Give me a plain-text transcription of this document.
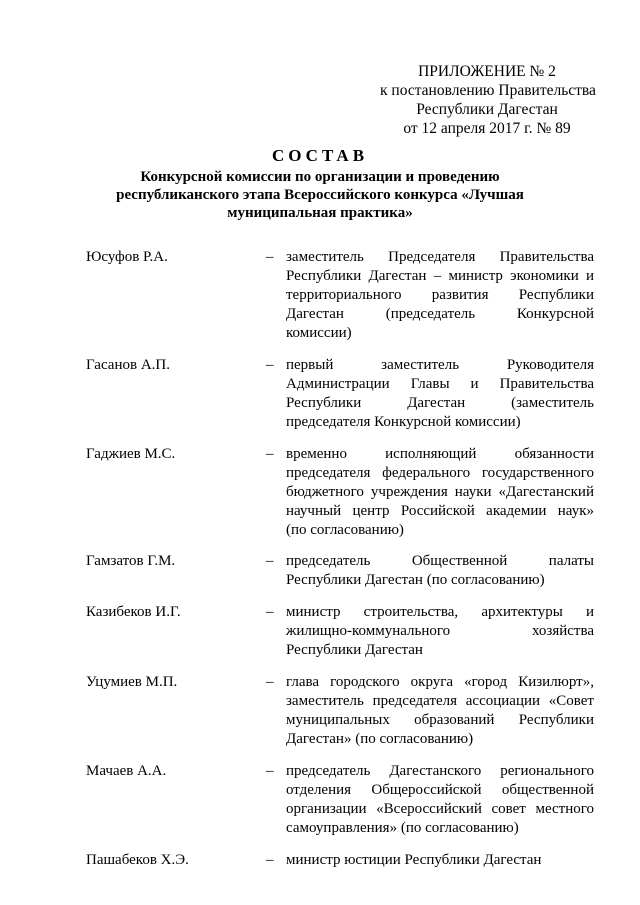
ПРИЛОЖЕНИЕ № 2
к постановлению Правительства
Республики Дагестан
от 12 апреля 2017 г. № 89
СОСТАВ
Конкурсной комиссии по организации и проведению
республиканского этапа Всероссийского конкурса «Лучшая
муниципальная практика»
Юсуфов Р.А.	– заместитель Председателя Правительства
Республики Дагестан – министр экономики и
территориального развития Республики
Дагестан (председатель Конкурсной
комиссии)
Гасанов А.П.	– первый заместитель Руководителя
Администрации Главы и Правительства
Республики Дагестан (заместитель
председателя Конкурсной комиссии)
Гаджиев М.С.	– временно исполняющий обязанности
председателя федерального государственного
бюджетного учреждения науки «Дагестанский
научный центр Российской академии наук»
(по согласованию)
Гамзатов Г.М.	– председатель Общественной палаты
Республики Дагестан (по согласованию)
Казибеков И.Г.	– министр строительства, архитектуры и
жилищно-коммунального хозяйства
Республики Дагестан
Уцумиев М.П.	– глава городского округа «город Кизилюрт»,
заместитель председателя ассоциации «Совет
муниципальных образований Республики
Дагестан» (по согласованию)
Мачаев А.А.	– председатель Дагестанского регионального
отделения Общероссийской общественной
организации «Всероссийский совет местного
самоуправления» (по согласованию)
Пашабеков Х.Э.	– министр юстиции Республики Дагестан
